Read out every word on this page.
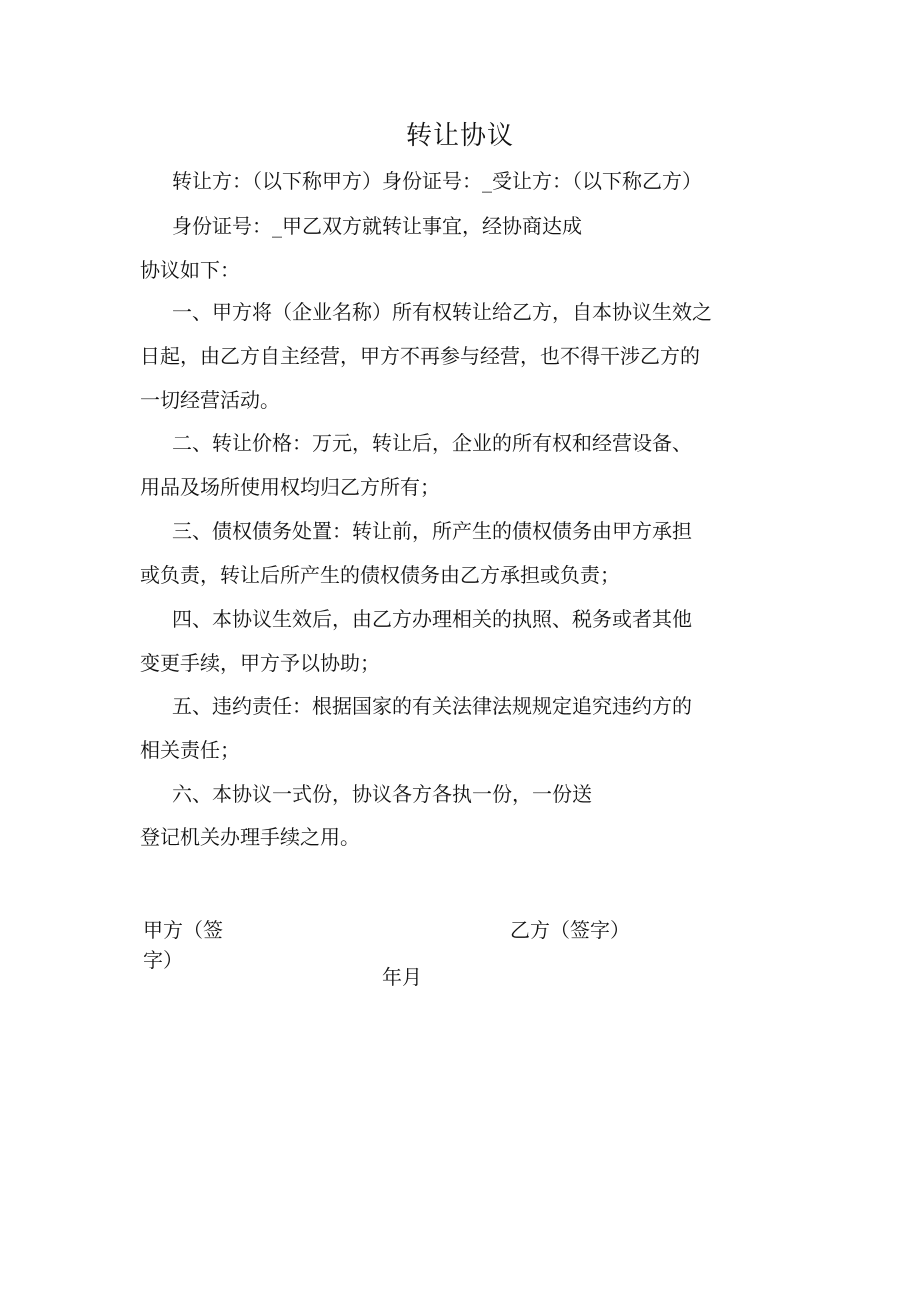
转让协议
转让方：（以下称甲方）身份证号：_受让方：（以下称乙方）
身份证号：_甲乙双方就转让事宜，经协商达成
协议如下：
一、甲方将（企业名称）所有权转让给乙方，自本协议生效之
日起，由乙方自主经营，甲方不再参与经营，也不得干涉乙方的
一切经营活动。
二、转让价格：万元，转让后，企业的所有权和经营设备、
用品及场所使用权均归乙方所有；
三、债权债务处置：转让前，所产生的债权债务由甲方承担
或负责，转让后所产生的债权债务由乙方承担或负责；
四、本协议生效后，由乙方办理相关的执照、税务或者其他
变更手续，甲方予以协助；
五、违约责任：根据国家的有关法律法规规定追究违约方的
相关责任；
六、本协议一式份，协议各方各执一份，一份送
登记机关办理手续之用。
甲方（签
字）
乙方（签字）
年月
